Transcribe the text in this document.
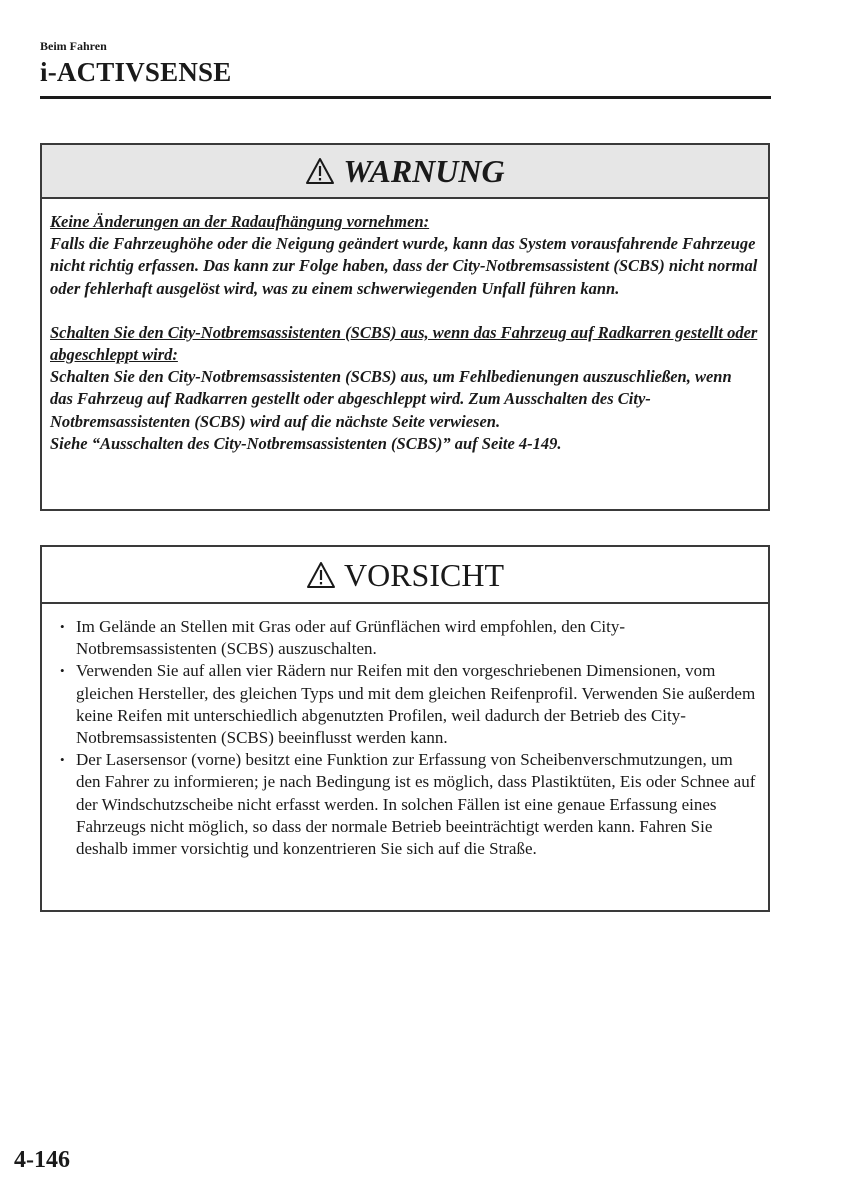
Beim Fahren

i-ACTIVSENSE
WARNUNG

Keine Änderungen an der Radaufhängung vornehmen:
Falls die Fahrzeughöhe oder die Neigung geändert wurde, kann das System vorausfahrende Fahrzeuge nicht richtig erfassen. Das kann zur Folge haben, dass der City-Notbremsassistent (SCBS) nicht normal oder fehlerhaft ausgelöst wird, was zu einem schwerwiegenden Unfall führen kann.

Schalten Sie den City-Notbremsassistenten (SCBS) aus, wenn das Fahrzeug auf Radkarren gestellt oder abgeschleppt wird:
Schalten Sie den City-Notbremsassistenten (SCBS) aus, um Fehlbedienungen auszuschließen, wenn das Fahrzeug auf Radkarren gestellt oder abgeschleppt wird. Zum Ausschalten des City-Notbremsassistenten (SCBS) wird auf die nächste Seite verwiesen.
Siehe “Ausschalten des City-Notbremsassistenten (SCBS)” auf Seite 4-149.

VORSICHT
• Im Gelände an Stellen mit Gras oder auf Grünflächen wird empfohlen, den City-Notbremsassistenten (SCBS) auszuschalten.
• Verwenden Sie auf allen vier Rädern nur Reifen mit den vorgeschriebenen Dimensionen, vom gleichen Hersteller, des gleichen Typs und mit dem gleichen Reifenprofil. Verwenden Sie außerdem keine Reifen mit unterschiedlich abgenutzten Profilen, weil dadurch der Betrieb des City-Notbremsassistenten (SCBS) beeinflusst werden kann.
• Der Lasersensor (vorne) besitzt eine Funktion zur Erfassung von Scheibenverschmutzungen, um den Fahrer zu informieren; je nach Bedingung ist es möglich, dass Plastiktüten, Eis oder Schnee auf der Windschutzscheibe nicht erfasst werden. In solchen Fällen ist eine genaue Erfassung eines Fahrzeugs nicht möglich, so dass der normale Betrieb beeinträchtigt werden kann. Fahren Sie deshalb immer vorsichtig und konzentrieren Sie sich auf die Straße.
4-146
